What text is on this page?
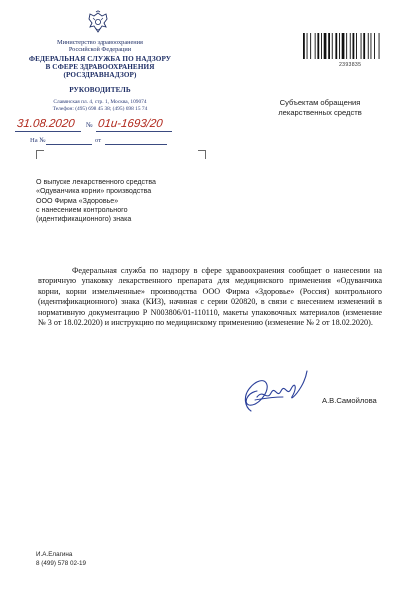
Министерство здравоохранения
Российской Федерации
ФЕДЕРАЛЬНАЯ СЛУЖБА ПО НАДЗОРУ
В СФЕРЕ ЗДРАВООХРАНЕНИЯ
(РОСЗДРАВНАДЗОР)
РУКОВОДИТЕЛЬ
Славянская пл. 4, стр. 1, Москва, 109074
Телефон: (495) 698 45 38; (495) 698 15 74
31.08.2020 № 01и-1693/20
На №	от
2393835
Субъектам обращения
лекарственных средств
О выпуске лекарственного средства
«Одуванчика корни» производства
ООО Фирма «Здоровье»
с нанесением контрольного
(идентификационного) знака
Федеральная служба по надзору в сфере здравоохранения сообщает о нанесении на вторичную упаковку лекарственного препарата для медицинского применения «Одуванчика корни, корни измельченные» производства ООО Фирма «Здоровье» (Россия) контрольного (идентификационного) знака (КИЗ), начиная с серии 020820, в связи с внесением изменений в нормативную документацию Р N003806/01-110110, макеты упаковочных материалов (изменение № 3 от 18.02.2020) и инструкцию по медицинскому применению (изменение № 2 от 18.02.2020).
А.В.Самойлова
И.А.Елагина
8 (499) 578 02-19
